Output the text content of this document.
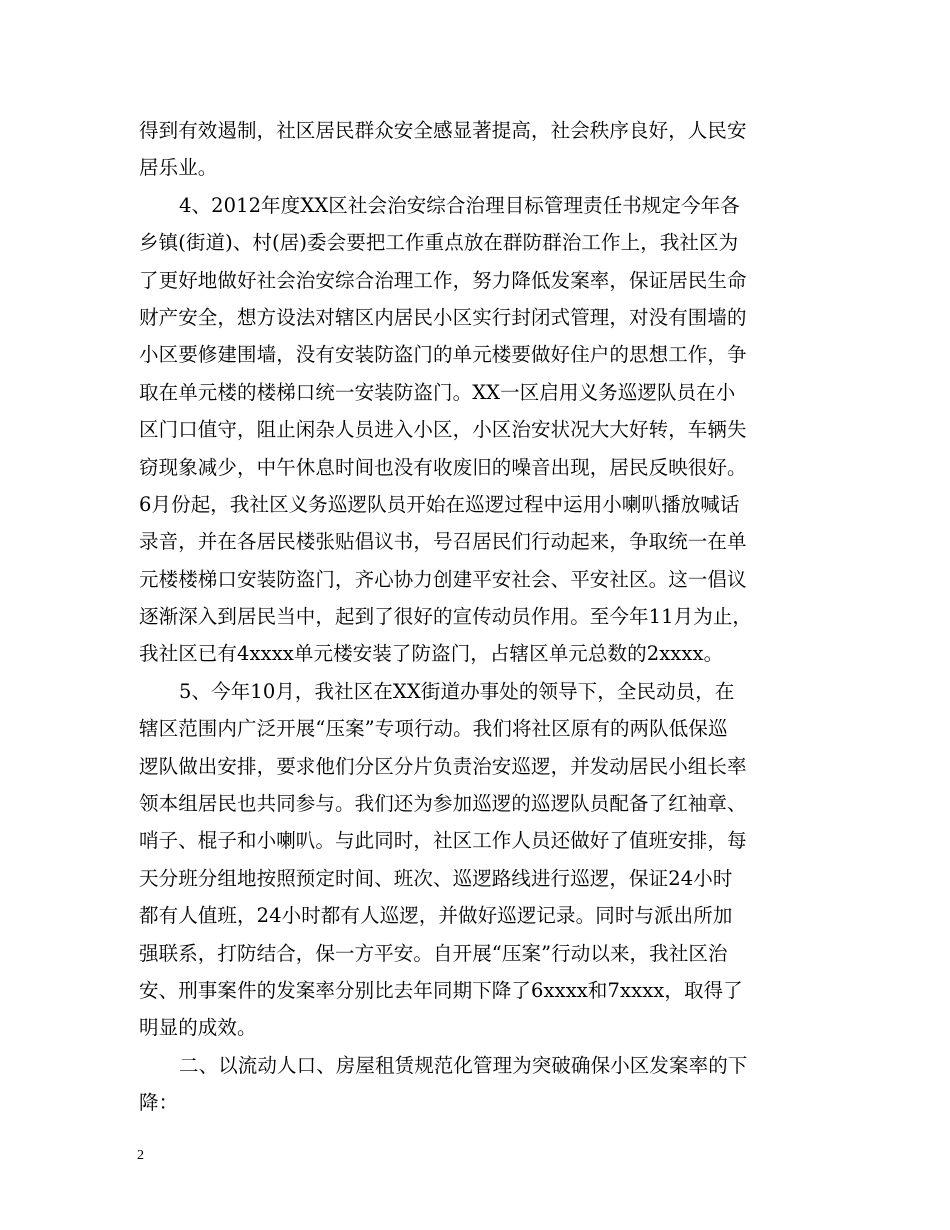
得到有效遏制，社区居民群众安全感显著提高，社会秩序良好，人民安
居乐业。
4、2012年度XX区社会治安综合治理目标管理责任书规定今年各
乡镇(街道)、村(居)委会要把工作重点放在群防群治工作上，我社区为
了更好地做好社会治安综合治理工作，努力降低发案率，保证居民生命
财产安全，想方设法对辖区内居民小区实行封闭式管理，对没有围墙的
小区要修建围墙，没有安装防盗门的单元楼要做好住户的思想工作，争
取在单元楼的楼梯口统一安装防盗门。XX一区启用义务巡逻队员在小
区门口值守，阻止闲杂人员进入小区，小区治安状况大大好转，车辆失
窃现象减少，中午休息时间也没有收废旧的噪音出现，居民反映很好。
6月份起，我社区义务巡逻队员开始在巡逻过程中运用小喇叭播放喊话
录音，并在各居民楼张贴倡议书，号召居民们行动起来，争取统一在单
元楼楼梯口安装防盗门，齐心协力创建平安社会、平安社区。这一倡议
逐渐深入到居民当中，起到了很好的宣传动员作用。至今年11月为止，
我社区已有4xxxx单元楼安装了防盗门，占辖区单元总数的2xxxx。
5、今年10月，我社区在XX街道办事处的领导下，全民动员，在
辖区范围内广泛开展“压案”专项行动。我们将社区原有的两队低保巡
逻队做出安排，要求他们分区分片负责治安巡逻，并发动居民小组长率
领本组居民也共同参与。我们还为参加巡逻的巡逻队员配备了红袖章、
哨子、棍子和小喇叭。与此同时，社区工作人员还做好了值班安排，每
天分班分组地按照预定时间、班次、巡逻路线进行巡逻，保证24小时
都有人值班，24小时都有人巡逻，并做好巡逻记录。同时与派出所加
强联系，打防结合，保一方平安。自开展“压案”行动以来，我社区治
安、刑事案件的发案率分别比去年同期下降了6xxxx和7xxxx，取得了
明显的成效。
二、以流动人口、房屋租赁规范化管理为突破确保小区发案率的下
降：
2
